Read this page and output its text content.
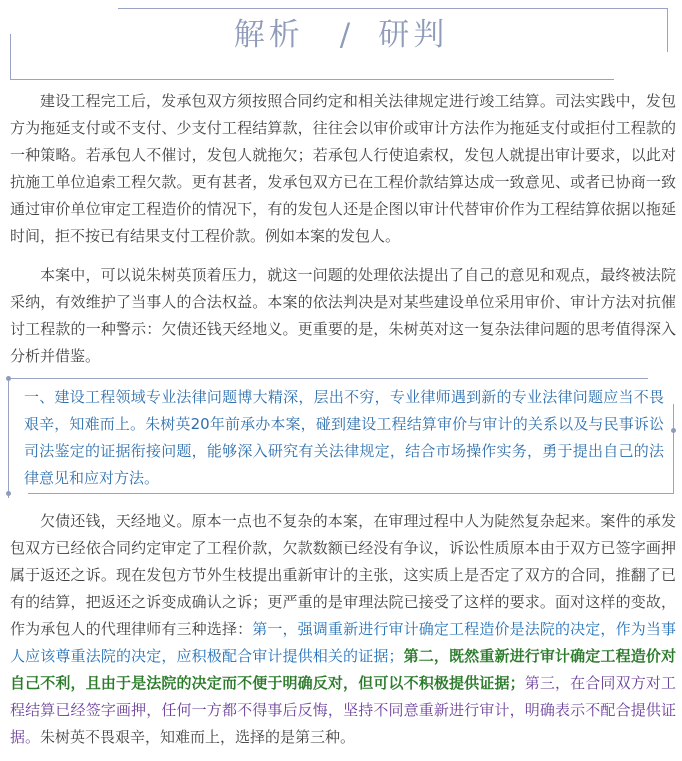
解析 / 研判

建设工程完工后，发承包双方须按照合同约定和相关法律规定进行竣工结算。司法实践中，发包方为拖延支付或不支付、少支付工程结算款，往往会以审价或审计方法作为拖延支付或拒付工程款的一种策略。若承包人不催讨，发包人就拖欠；若承包人行使追索权，发包人就提出审计要求，以此对抗施工单位追索工程欠款。更有甚者，发承包双方已在工程价款结算达成一致意见、或者已协商一致通过审价单位审定工程造价的情况下，有的发包人还是企图以审计代替审价作为工程结算依据以拖延时间，拒不按已有结果支付工程价款。例如本案的发包人。

本案中，可以说朱树英顶着压力，就这一问题的处理依法提出了自己的意见和观点，最终被法院采纳，有效维护了当事人的合法权益。本案的依法判决是对某些建设单位采用审价、审计方法对抗催讨工程款的一种警示：欠债还钱天经地义。更重要的是，朱树英对这一复杂法律问题的思考值得深入分析并借鉴。

一、建设工程领域专业法律问题博大精深，层出不穷，专业律师遇到新的专业法律问题应当不畏艰辛，知难而上。朱树英20年前承办本案，碰到建设工程结算审价与审计的关系以及与民事诉讼司法鉴定的证据衔接问题，能够深入研究有关法律规定，结合市场操作实务，勇于提出自己的法律意见和应对方法。

欠债还钱，天经地义。原本一点也不复杂的本案，在审理过程中人为陡然复杂起来。案件的承发包双方已经依合同约定审定了工程价款，欠款数额已经没有争议，诉讼性质原本由于双方已签字画押属于返还之诉。现在发包方节外生枝提出重新审计的主张，这实质上是否定了双方的合同，推翻了已有的结算，把返还之诉变成确认之诉；更严重的是审理法院已接受了这样的要求。面对这样的变故，作为承包人的代理律师有三种选择：第一，强调重新进行审计确定工程造价是法院的决定，作为当事人应该尊重法院的决定，应积极配合审计提供相关的证据；第二，既然重新进行审计确定工程造价对自己不利，且由于是法院的决定而不便于明确反对，但可以不积极提供证据；第三，在合同双方对工程结算已经签字画押，任何一方都不得事后反悔，坚持不同意重新进行审计，明确表示不配合提供证据。朱树英不畏艰辛，知难而上，选择的是第三种。
